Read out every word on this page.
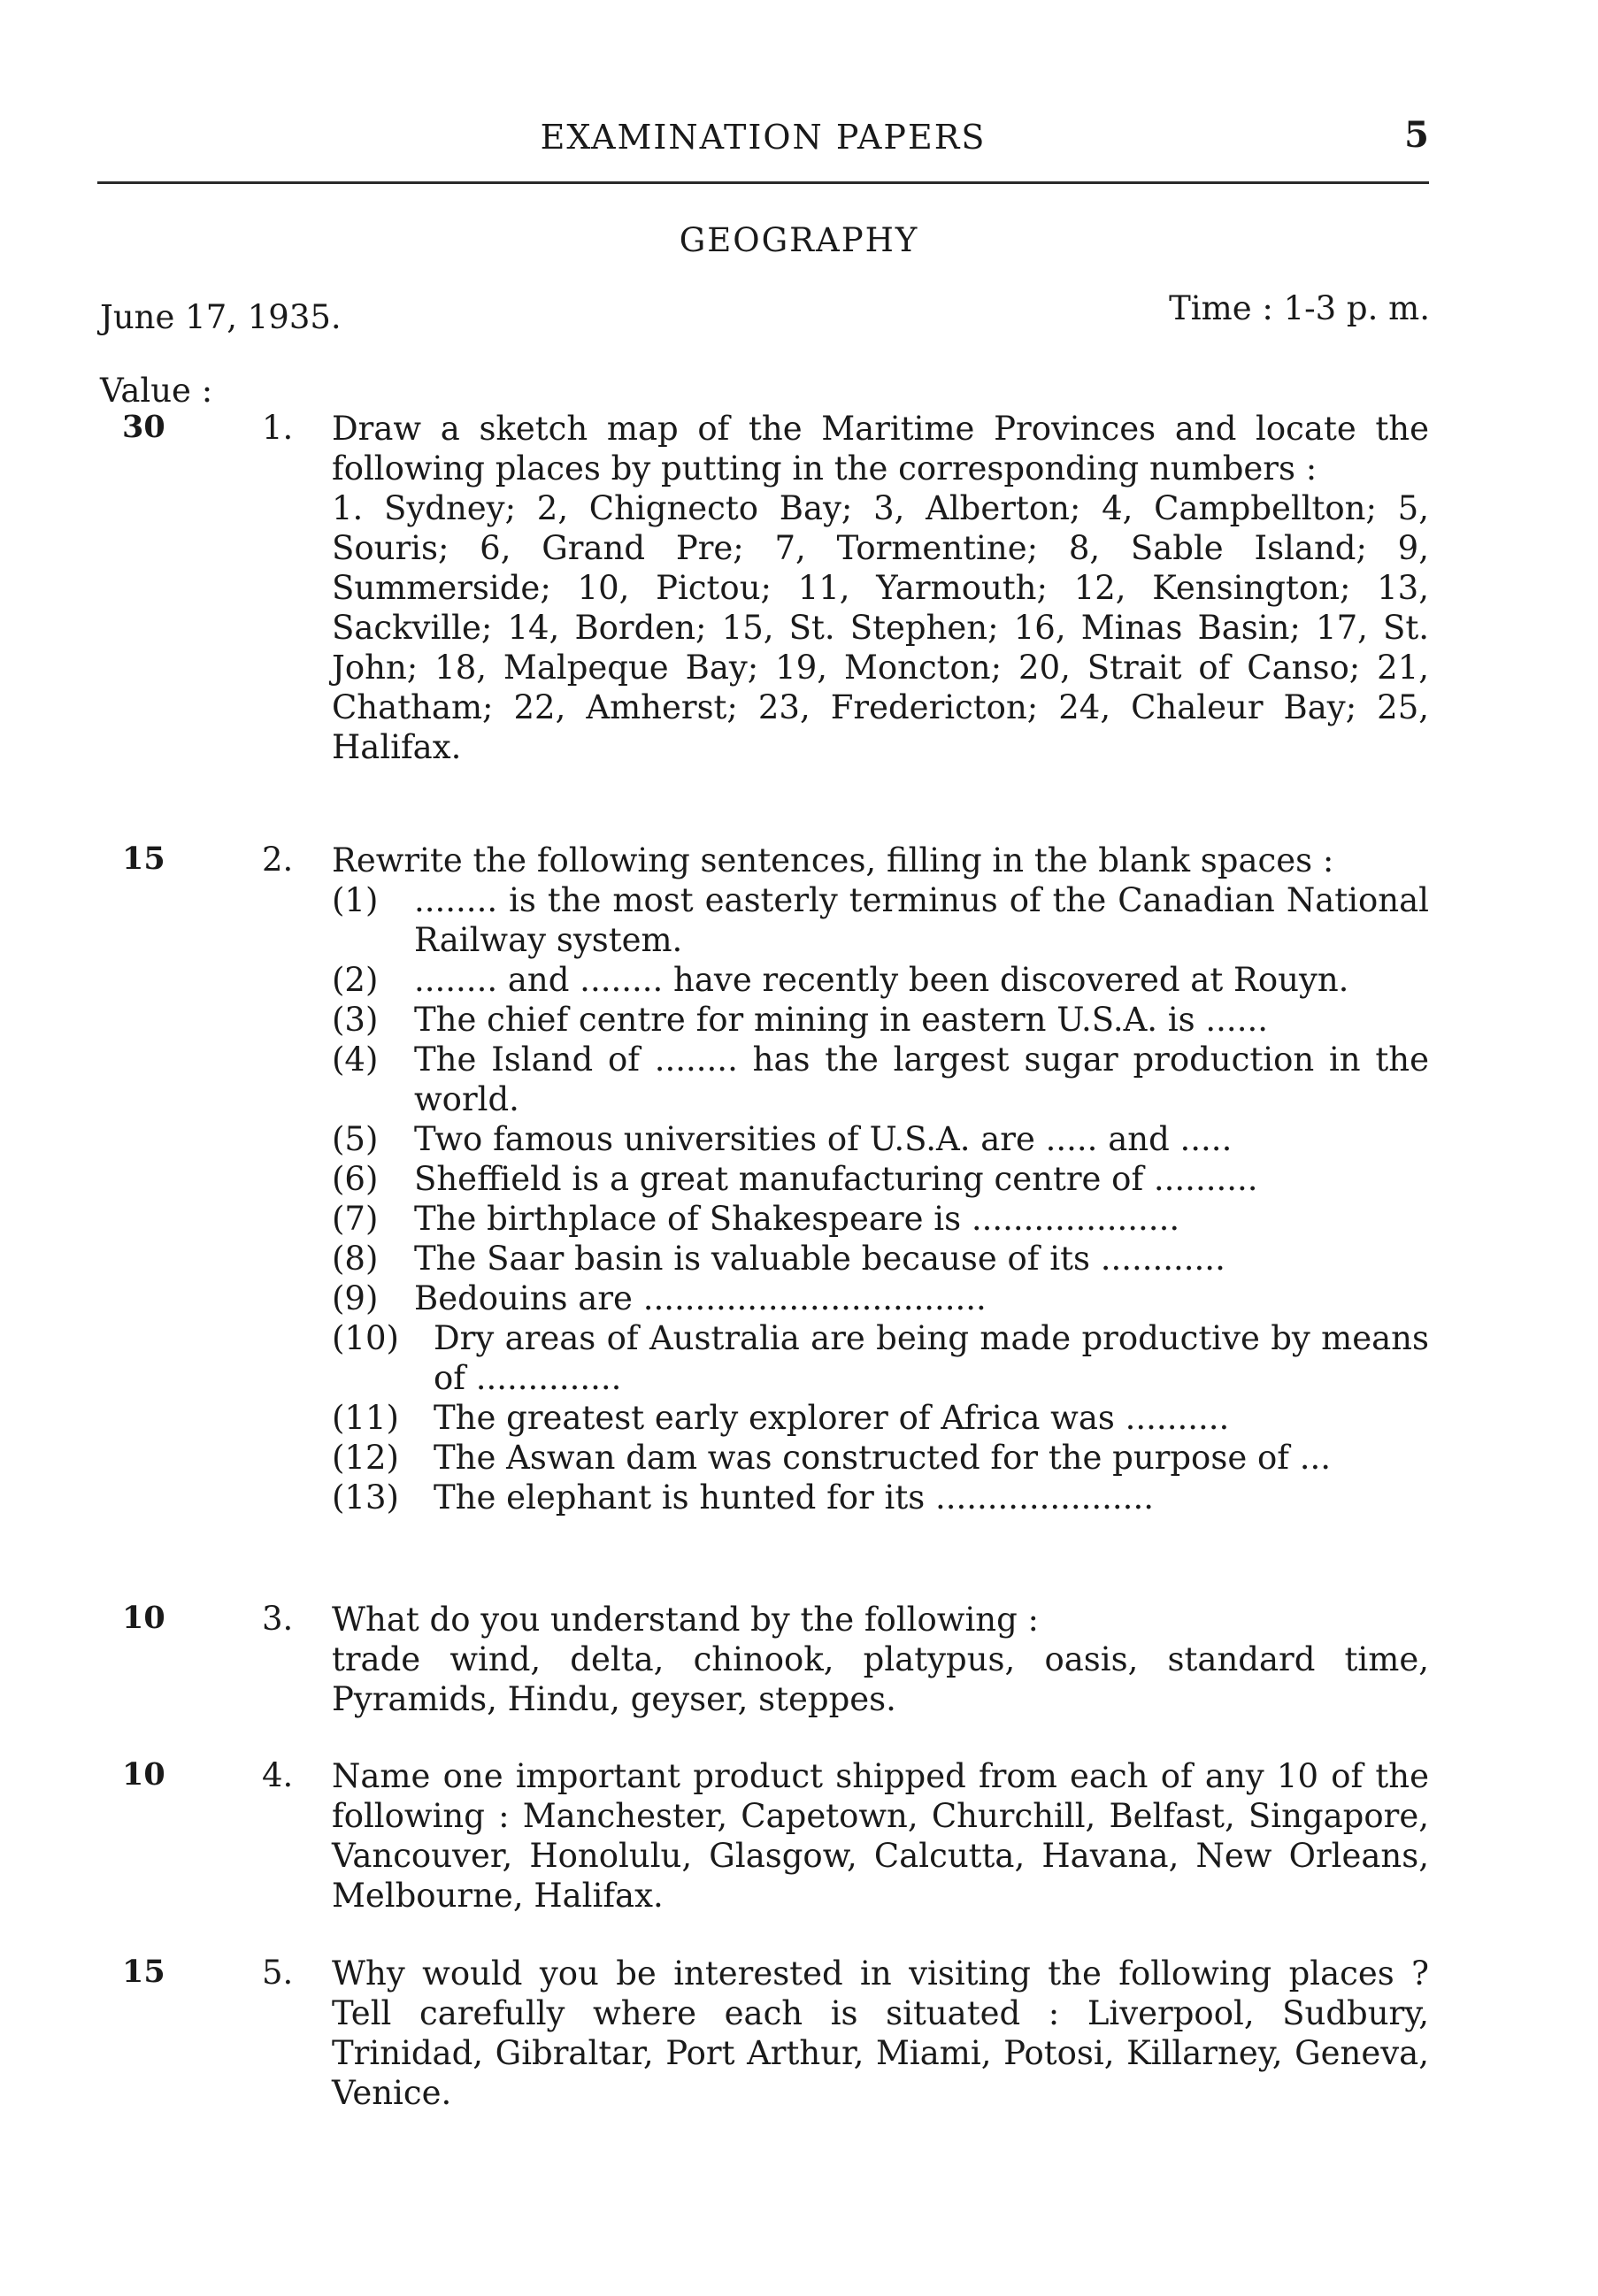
EXAMINATION PAPERS	5
GEOGRAPHY
June 17, 1935.	Time : 1-3 p. m.
Value :
30	1. Draw a sketch map of the Maritime Provinces and locate the following places by putting in the corresponding numbers :

1. Sydney; 2, Chignecto Bay; 3, Alberton; 4, Campbellton; 5, Souris; 6, Grand Pre; 7, Tormentine; 8, Sable Island; 9, Summerside; 10, Pictou; 11, Yarmouth; 12, Kensington; 13, Sackville; 14, Borden; 15, St. Stephen; 16, Minas Basin; 17, St. John; 18, Malpeque Bay; 19, Moncton; 20, Strait of Canso; 21, Chatham; 22, Amherst; 23, Fredericton; 24, Chaleur Bay; 25, Halifax.

15	2. Rewrite the following sentences, filling in the blank spaces :

(1) ........ is the most easterly terminus of the Canadian National Railway system.
(2) ........ and ........ have recently been discovered at Rouyn.
(3) The chief centre for mining in eastern U.S.A. is ......
(4) The Island of ........ has the largest sugar production in the world.
(5) Two famous universities of U.S.A. are ..... and .....
(6) Sheffield is a great manufacturing centre of ..........
(7) The birthplace of Shakespeare is ....................
(8) The Saar basin is valuable because of its ............
(9) Bedouins are .................................
(10) Dry areas of Australia are being made productive by means of ..............
(11) The greatest early explorer of Africa was ..........
(12) The Aswan dam was constructed for the purpose of ...
(13) The elephant is hunted for its .....................
10	3. What do you understand by the following :

trade wind, delta, chinook, platypus, oasis, standard time, Pyramids, Hindu, geyser, steppes.

10	4. Name one important product shipped from each of any 10 of the following : Manchester, Capetown, Churchill, Belfast, Singapore, Vancouver, Honolulu, Glasgow, Calcutta, Havana, New Orleans, Melbourne, Halifax.

15	5. Why would you be interested in visiting the following places ? Tell carefully where each is situated : Liverpool, Sudbury, Trinidad, Gibraltar, Port Arthur, Miami, Potosi, Killarney, Geneva, Venice.
